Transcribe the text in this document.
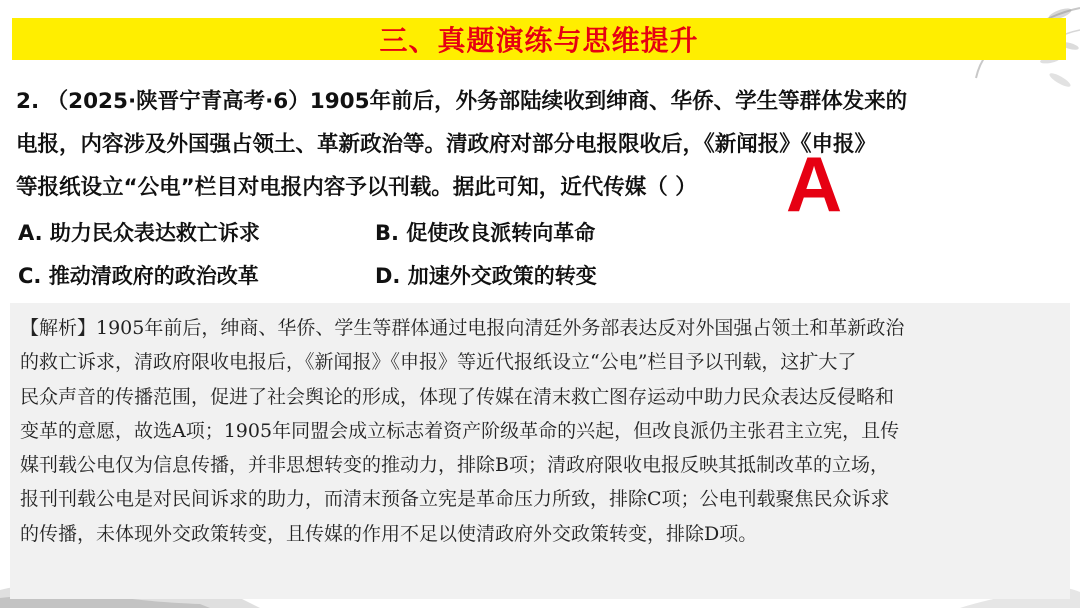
三、真题演练与思维提升
2. （2025·陕晋宁青高考·6）1905年前后，外务部陆续收到绅商、华侨、学生等群体发来的
电报，内容涉及外国强占领土、革新政治等。清政府对部分电报限收后，《新闻报》《申报》
等报纸设立“公电”栏目对电报内容予以刊载。据此可知，近代传媒（ ）	A
A. 助力民众表达救亡诉求	B. 促使改良派转向革命
C. 推动清政府的政治改革	D. 加速外交政策的转变
【解析】1905年前后，绅商、华侨、学生等群体通过电报向清廷外务部表达反对外国强占领土和革新政治
的救亡诉求，清政府限收电报后，《新闻报》《申报》等近代报纸设立“公电”栏目予以刊载，这扩大了
民众声音的传播范围，促进了社会舆论的形成，体现了传媒在清末救亡图存运动中助力民众表达反侵略和
变革的意愿，故选A项；1905年同盟会成立标志着资产阶级革命的兴起，但改良派仍主张君主立宪，且传
媒刊载公电仅为信息传播，并非思想转变的推动力，排除B项；清政府限收电报反映其抵制改革的立场，
报刊刊载公电是对民间诉求的助力，而清末预备立宪是革命压力所致，排除C项；公电刊载聚焦民众诉求
的传播，未体现外交政策转变，且传媒的作用不足以使清政府外交政策转变，排除D项。
